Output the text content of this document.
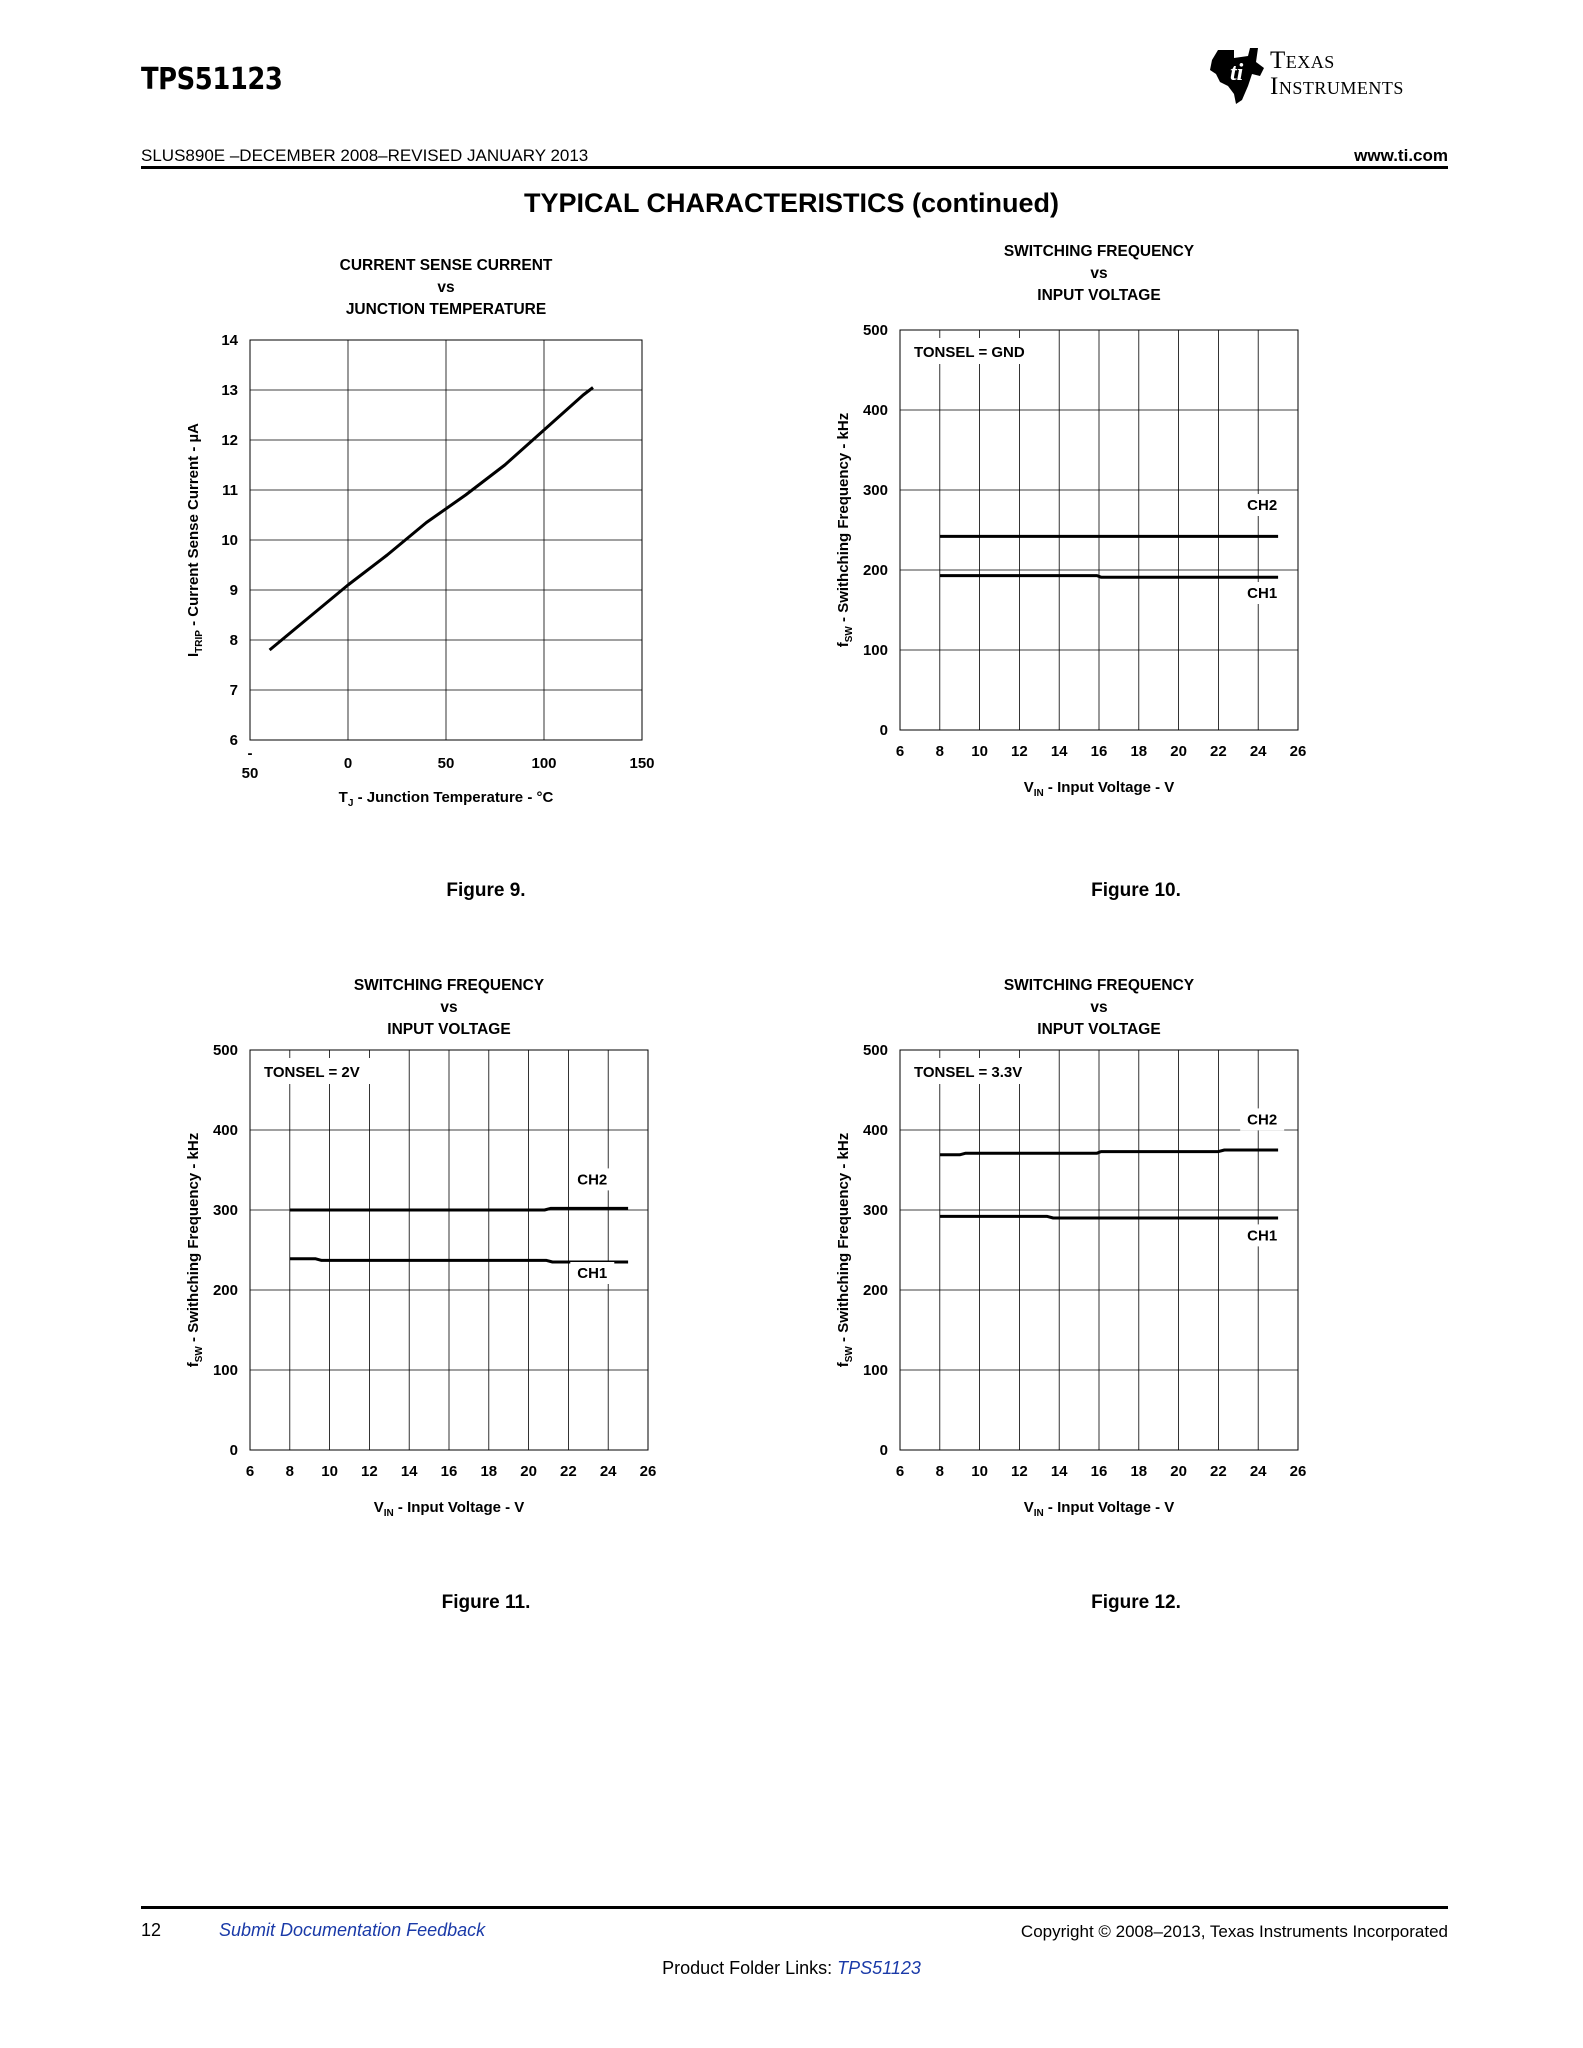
TPS51123	ti Texas
Instruments
SLUS890E –DECEMBER 2008–REVISED JANUARY 2013	www.ti.com
TYPICAL CHARACTERISTICS (continued)
CURRENT SENSE CURRENT
vs
JUNCTION TEMPERATURE
-
50
0	50	100	150
6
7
8
9
10
11
12
13
14
$T_J$ - Junction Temperature - °C
$I_{TRIP}$ - Current Sense Current - µA
SWITCHING FREQUENCY
vs
INPUT VOLTAGE
6 8 10 12 14 16 18 20 22 24 26
0
100
200
300
400
500
$V_{IN}$ - Input Voltage - V
$f_{SW}$ - Swithching Frequency - kHz
TONSEL = GND
CH2
CH1
SWITCHING FREQUENCY
vs
INPUT VOLTAGE
6 8 10 12 14 16 18 20 22 24 26
0
100
200
300
400
500
$V_{IN}$ - Input Voltage - V
$f_{SW}$ - Swithching Frequency - kHz
TONSEL = 2V
CH2
CH1
SWITCHING FREQUENCY
vs
INPUT VOLTAGE
6 8 10 12 14 16 18 20 22 24 26
0
100
200
300
400
500
$V_{IN}$ - Input Voltage - V
$f_{SW}$ - Swithching Frequency - kHz
TONSEL = 3.3V
CH2
CH1
Figure 9.	Figure 10.
Figure 11.	Figure 12.
12	Submit Documentation Feedback	Copyright © 2008–2013, Texas Instruments Incorporated
Product Folder Links: TPS51123
